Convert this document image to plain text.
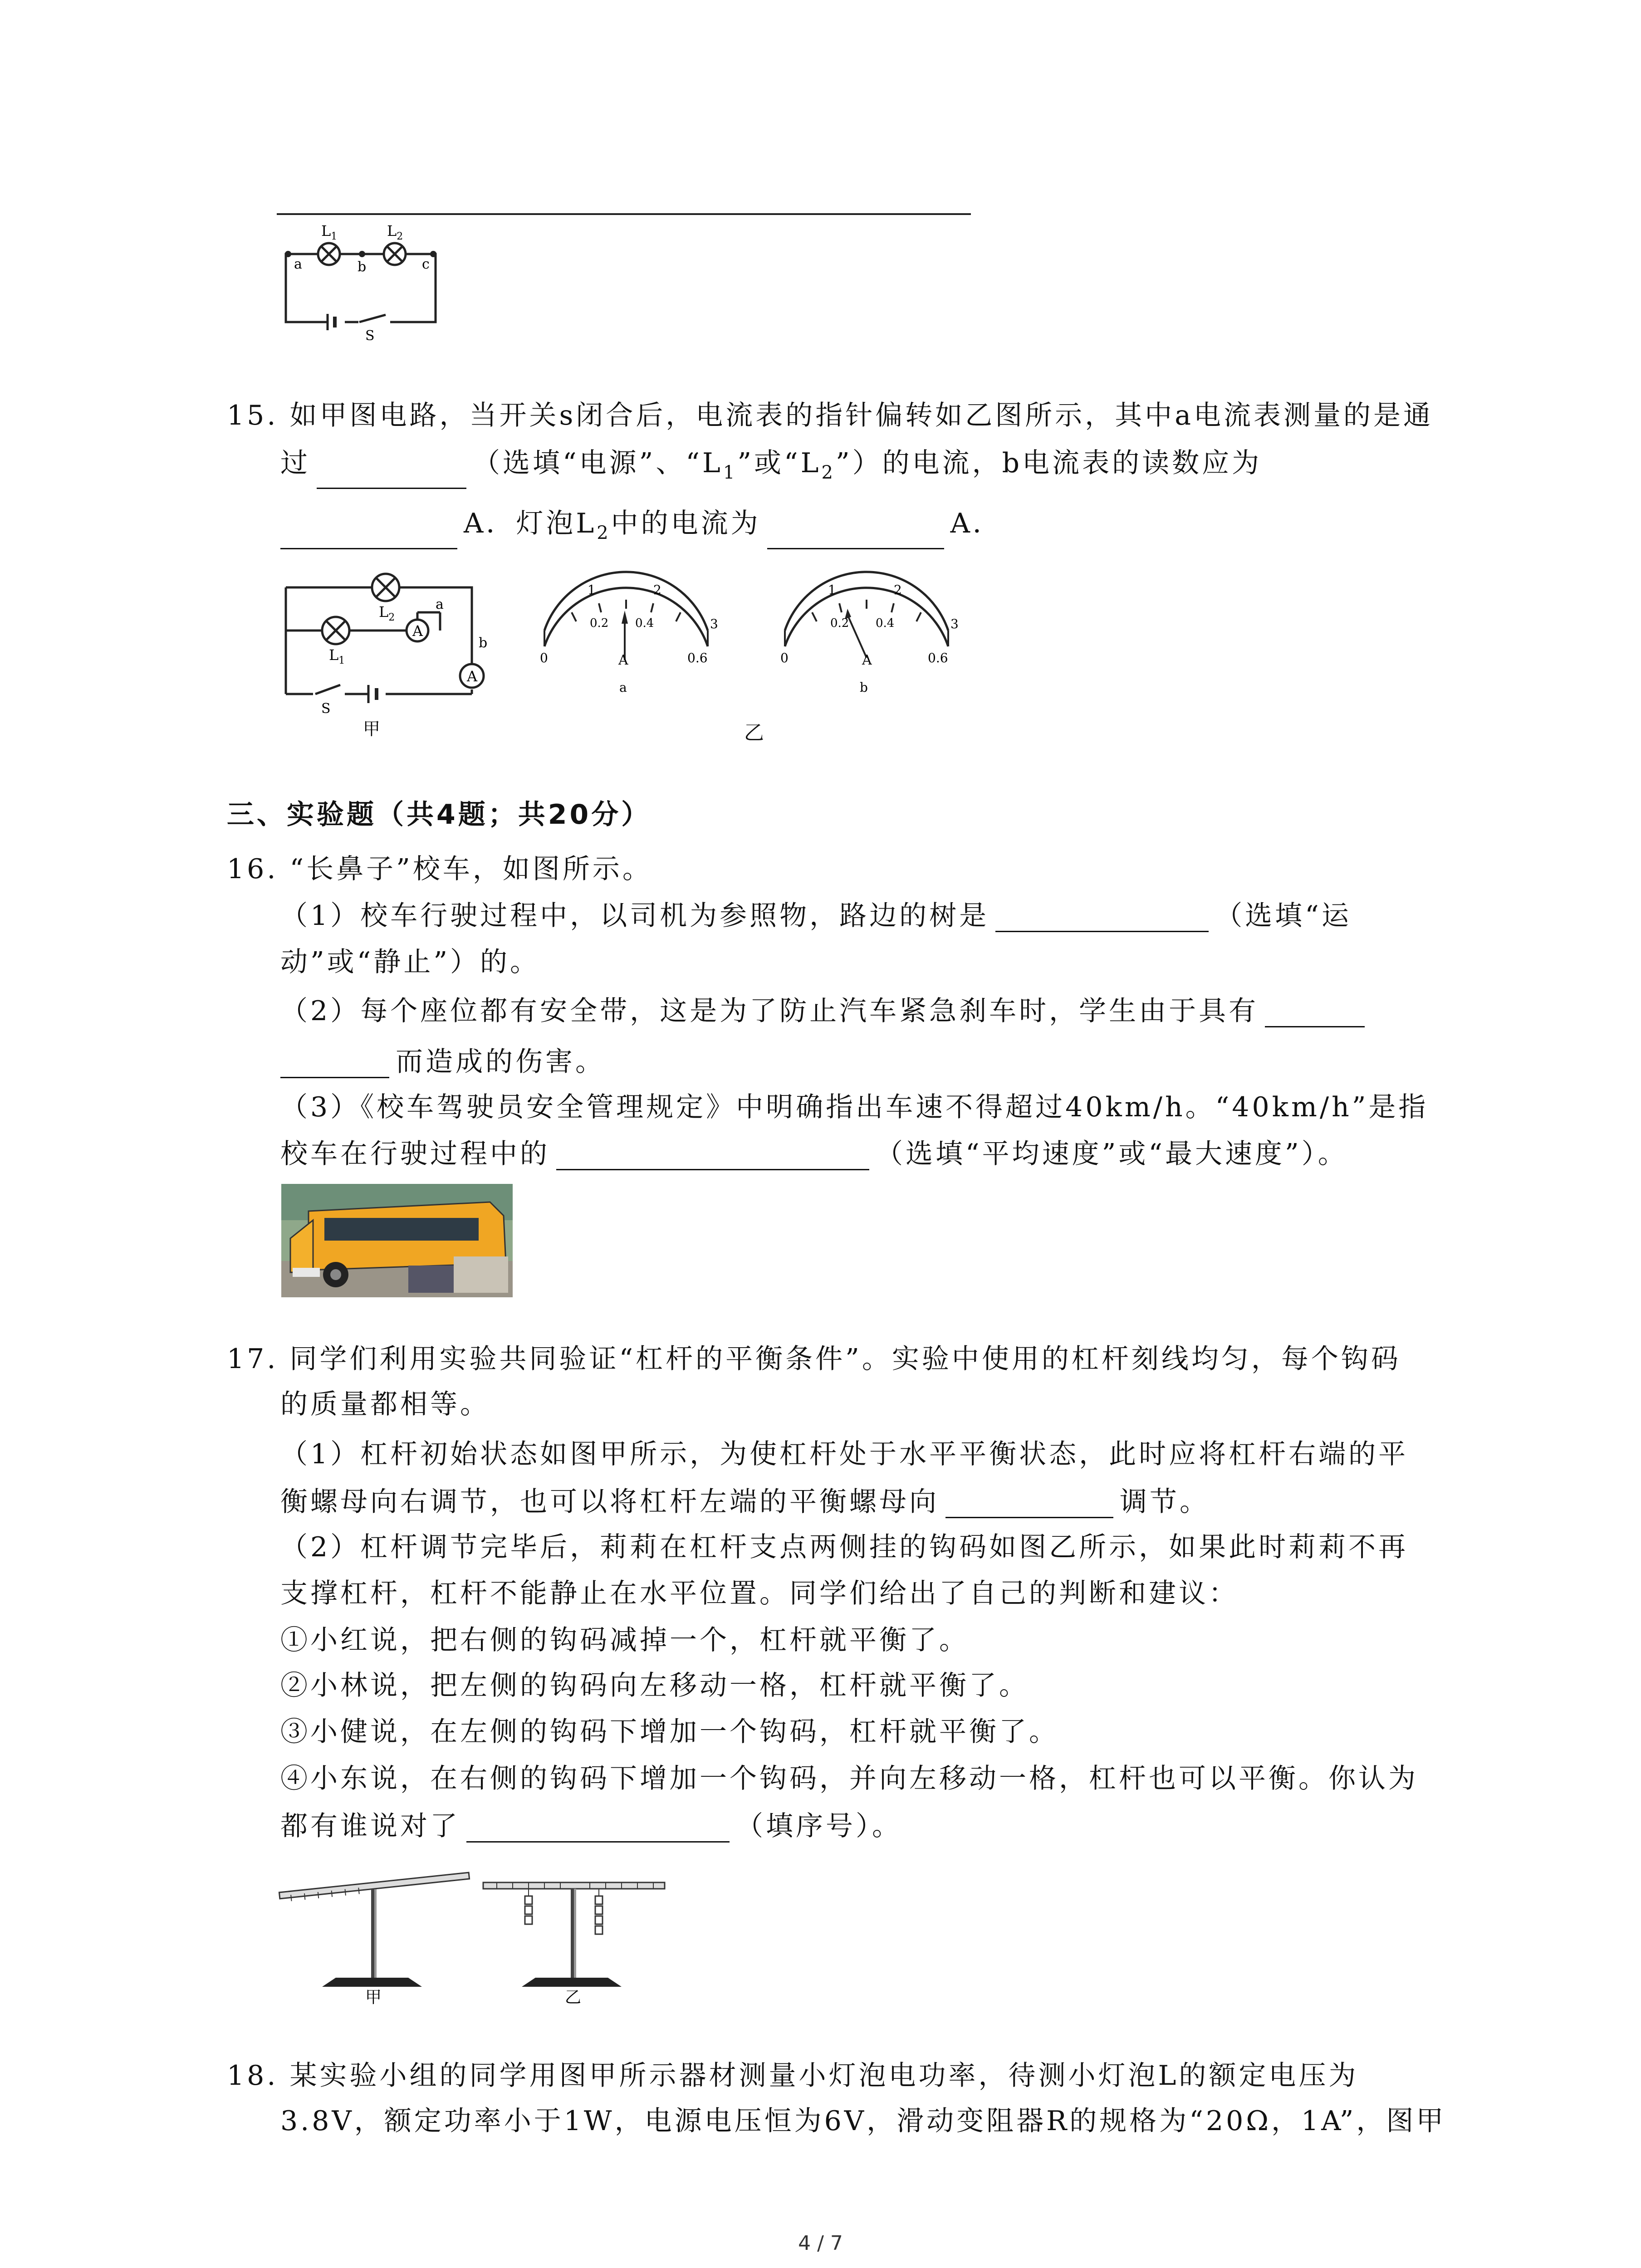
$L_1$	$L_2$
a	b	c
S
15. 如甲图电路，当开关s闭合后，电流表的指针偏转如乙图所示，其中a电流表测量的是通
过	（选填“电源”、“$L_1$”或“$L_2$”）的电流，b电流表的读数应为
A．灯泡$L_2$中的电流为	A．
A
A
$L_2$
$L_1$
a
b
S
甲
1	2
0
0.2 0.4
0.6
3
A
a
1	2
0
0.2 0.4
0.6
3
A
b
乙
三、实验题（共4题；共20分）
16. “长鼻子”校车，如图所示。
（1）校车行驶过程中，以司机为参照物，路边的树是	（选填“运
动”或“静止”）的。
（2）每个座位都有安全带，这是为了防止汽车紧急刹车时，学生由于具有
而造成的伤害。
（3）《校车驾驶员安全管理规定》中明确指出车速不得超过40km/h。“40km/h”是指
校车在行驶过程中的	（选填“平均速度”或“最大速度”）。
17. 同学们利用实验共同验证“杠杆的平衡条件”。实验中使用的杠杆刻线均匀，每个钩码
的质量都相等。
（1）杠杆初始状态如图甲所示，为使杠杆处于水平平衡状态，此时应将杠杆右端的平
衡螺母向右调节，也可以将杠杆左端的平衡螺母向	调节。
（2）杠杆调节完毕后，莉莉在杠杆支点两侧挂的钩码如图乙所示，如果此时莉莉不再
支撑杠杆，杠杆不能静止在水平位置。同学们给出了自己的判断和建议：
①小红说，把右侧的钩码减掉一个，杠杆就平衡了。
②小林说，把左侧的钩码向左移动一格，杠杆就平衡了。
③小健说，在左侧的钩码下增加一个钩码，杠杆就平衡了。
④小东说，在右侧的钩码下增加一个钩码，并向左移动一格，杠杆也可以平衡。你认为
都有谁说对了	（填序号）。
甲	乙
18. 某实验小组的同学用图甲所示器材测量小灯泡电功率，待测小灯泡L的额定电压为
3.8V，额定功率小于1W，电源电压恒为6V，滑动变阻器R的规格为“20Ω，1A”，图甲
4 / 7
